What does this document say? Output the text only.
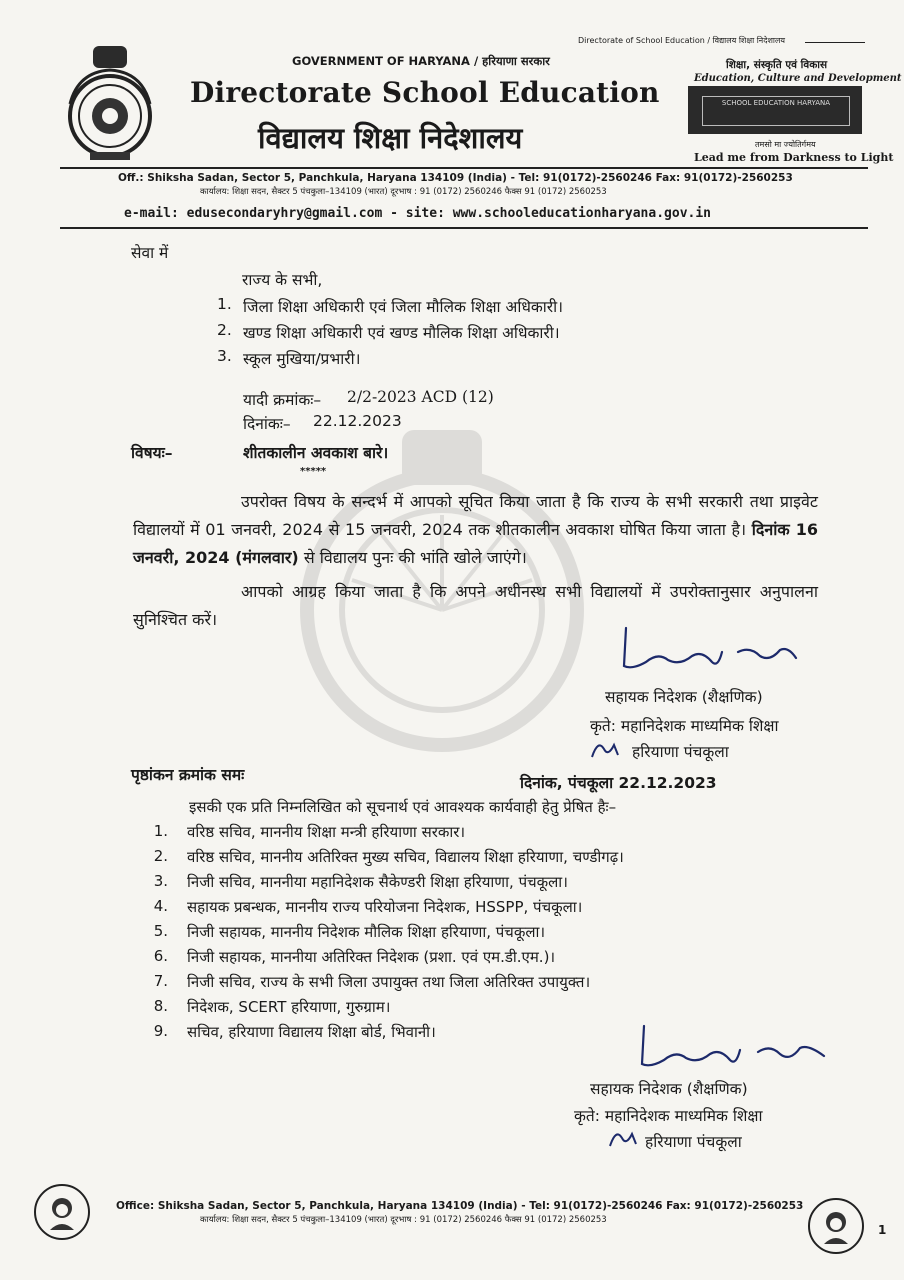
Directorate of School Education / विद्यालय शिक्षा निदेशालय
GOVERNMENT OF HARYANA / हरियाणा सरकार
Directorate School Education
विद्यालय शिक्षा निदेशालय
शिक्षा, संस्कृति एवं विकास
Education, Culture and Development
SCHOOL EDUCATION HARYANA
तमसो मा ज्योतिर्गमय
Lead me from Darkness to Light
Off.: Shiksha Sadan, Sector 5, Panchkula, Haryana 134109 (India) - Tel: 91(0172)-2560246 Fax: 91(0172)-2560253
कार्यालय: शिक्षा सदन, सैक्टर 5 पंचकुला–134109 (भारत) दूरभाष : 91 (0172) 2560246 फैक्स 91 (0172) 2560253
e-mail: edusecondaryhry@gmail.com - site: www.schooleducationharyana.gov.in
सेवा में
राज्य के सभी,
1. जिला शिक्षा अधिकारी एवं जिला मौलिक शिक्षा अधिकारी।
2. खण्ड शिक्षा अधिकारी एवं खण्ड मौलिक शिक्षा अधिकारी।
3. स्कूल मुखिया/प्रभारी।
यादी क्रमांकः– 2/2-2023 ACD (12)
दिनांकः– 22.12.2023
विषयः–	शीतकालीन अवकाश बारे।
*****
उपरोक्त विषय के सन्दर्भ में आपको सूचित किया जाता है कि राज्य के सभी सरकारी तथा प्राइवेट विद्यालयों में 01 जनवरी, 2024 से 15 जनवरी, 2024 तक शीतकालीन अवकाश घोषित किया जाता है। दिनांक 16 जनवरी, 2024 (मंगलवार) से विद्यालय पुनः की भांति खोले जाएंगे।
आपको आग्रह किया जाता है कि अपने अधीनस्थ सभी विद्यालयों में उपरोक्तानुसार अनुपालना सुनिश्चित करें।
सहायक निदेशक (शैक्षणिक)
कृते: महानिदेशक माध्यमिक शिक्षा
हरियाणा पंचकूला
पृष्ठांकन क्रमांक समः	दिनांक, पंचकूला 22.12.2023
इसकी एक प्रति निम्नलिखित को सूचनार्थ एवं आवश्यक कार्यवाही हेतु प्रेषित हैः–
1. वरिष्ठ सचिव, माननीय शिक्षा मन्त्री हरियाणा सरकार।
2. वरिष्ठ सचिव, माननीय अतिरिक्त मुख्य सचिव, विद्यालय शिक्षा हरियाणा, चण्डीगढ़।
3. निजी सचिव, माननीया महानिदेशक सैकेण्डरी शिक्षा हरियाणा, पंचकूला।
4. सहायक प्रबन्धक, माननीय राज्य परियोजना निदेशक, HSSPP, पंचकूला।
5. निजी सहायक, माननीय निदेशक मौलिक शिक्षा हरियाणा, पंचकूला।
6. निजी सहायक, माननीया अतिरिक्त निदेशक (प्रशा. एवं एम.डी.एम.)।
7. निजी सचिव, राज्य के सभी जिला उपायुक्त तथा जिला अतिरिक्त उपायुक्त।
8. निदेशक, SCERT हरियाणा, गुरुग्राम।
9. सचिव, हरियाणा विद्यालय शिक्षा बोर्ड, भिवानी।
सहायक निदेशक (शैक्षणिक)
कृते: महानिदेशक माध्यमिक शिक्षा
हरियाणा पंचकूला
Office: Shiksha Sadan, Sector 5, Panchkula, Haryana 134109 (India) - Tel: 91(0172)-2560246 Fax: 91(0172)-2560253
कार्यालय: शिक्षा सदन, सैक्टर 5 पंचकुला–134109 (भारत) दूरभाष : 91 (0172) 2560246 फैक्स 91 (0172) 2560253
1
